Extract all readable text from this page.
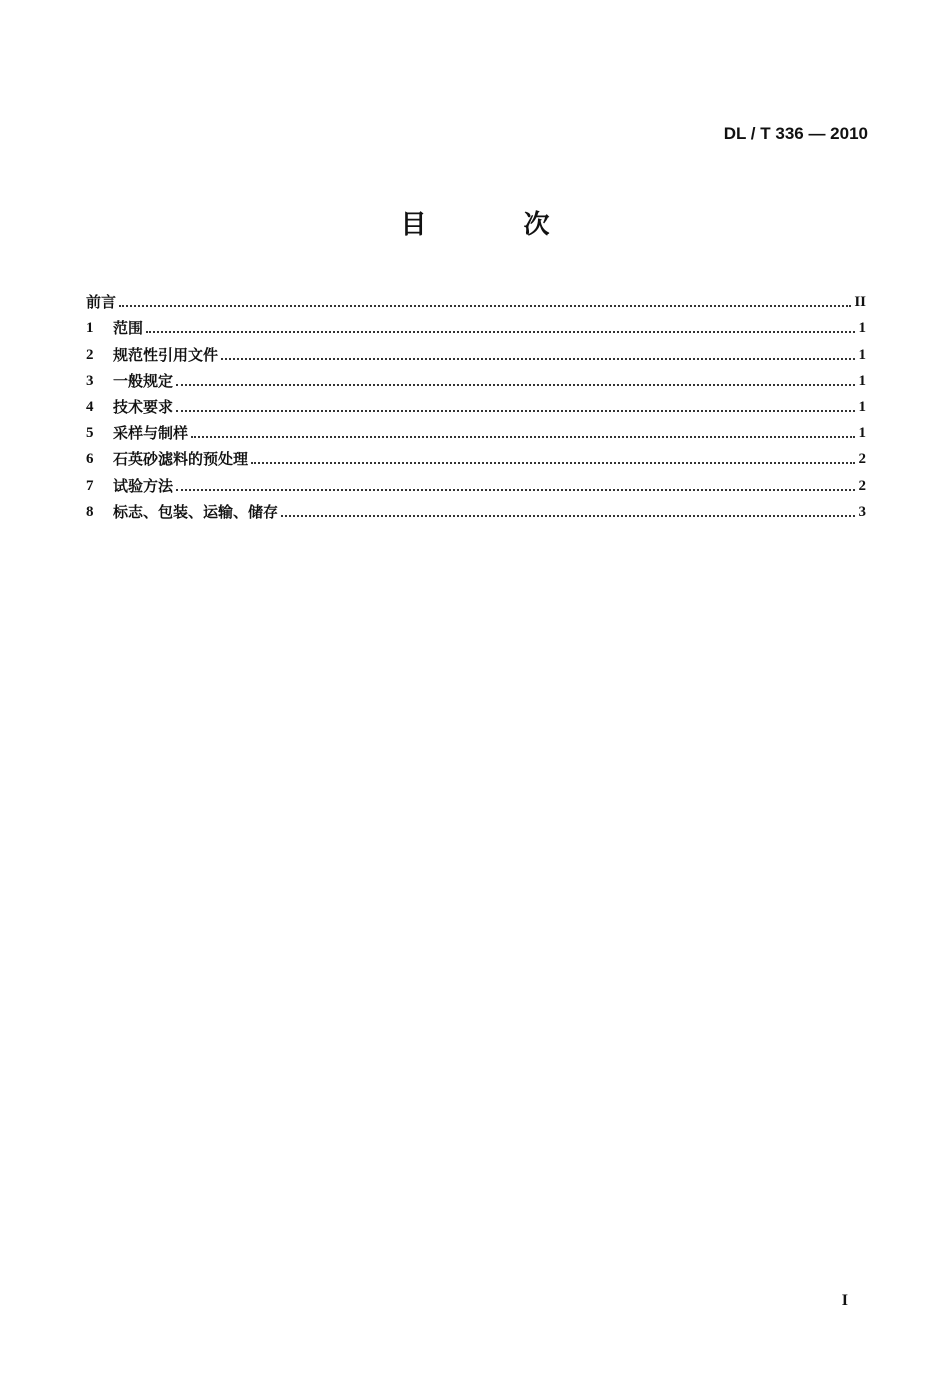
DL / T 336 — 2010
目 次
前言	II
1	范围	1
2	规范性引用文件	1
3	一般规定	1
4	技术要求	1
5	采样与制样	1
6	石英砂滤料的预处理	2
7	试验方法	2
8	标志、包装、运输、储存	3
I
